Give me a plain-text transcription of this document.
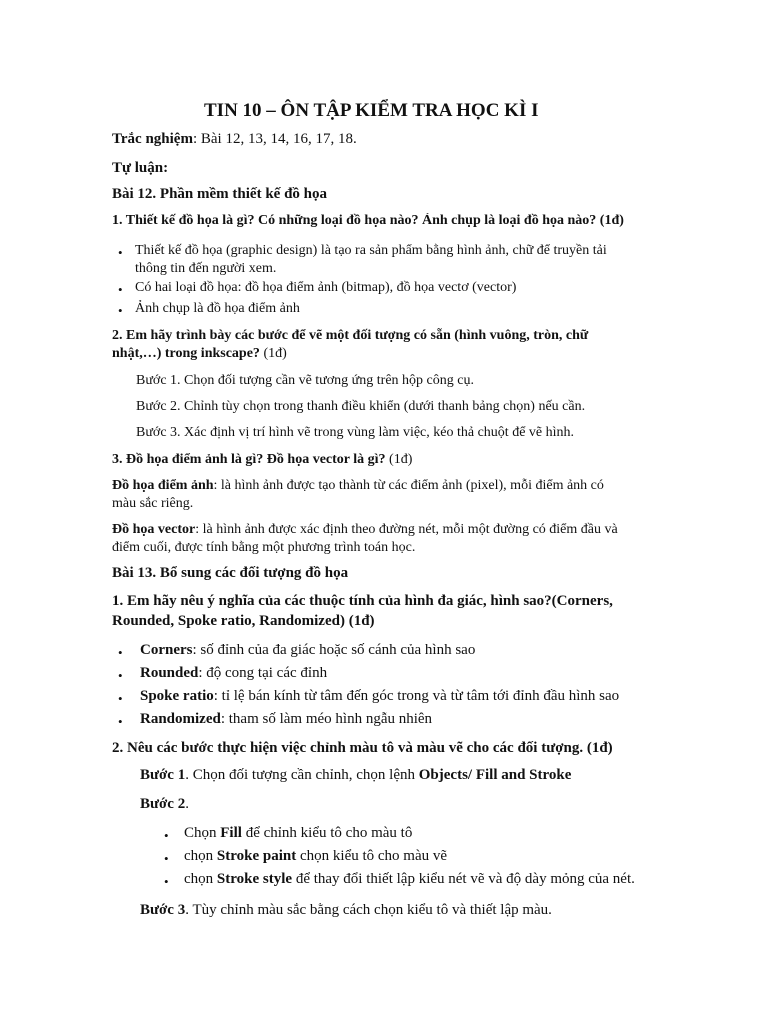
TIN 10 – ÔN TẬP KIỂM TRA HỌC KÌ I
Trắc nghiệm: Bài 12, 13, 14, 16, 17, 18.
Tự luận:
Bài 12. Phần mềm thiết kế đồ họa
1. Thiết kế đồ họa là gì? Có những loại đồ họa nào? Ảnh chụp là loại đồ họa nào? (1đ)
• Thiết kế đồ họa (graphic design) là tạo ra sản phẩm bằng hình ảnh, chữ để truyền tải
thông tin đến người xem.
• Có hai loại đồ họa: đồ họa điểm ảnh (bitmap), đồ họa vectơ (vector)
• Ảnh chụp là đồ họa điểm ảnh
2. Em hãy trình bày các bước để vẽ một đối tượng có sẵn (hình vuông, tròn, chữ
nhật,…) trong inkscape? (1đ)
Bước 1. Chọn đối tượng cần vẽ tương ứng trên hộp công cụ.
Bước 2. Chỉnh tùy chọn trong thanh điều khiển (dưới thanh bảng chọn) nếu cần.
Bước 3. Xác định vị trí hình vẽ trong vùng làm việc, kéo thả chuột để vẽ hình.
3. Đồ họa điểm ảnh là gì? Đồ họa vector là gì? (1đ)
Đồ họa điểm ảnh: là hình ảnh được tạo thành từ các điểm ảnh (pixel), mỗi điểm ảnh có
màu sắc riêng.
Đồ họa vector: là hình ảnh được xác định theo đường nét, mỗi một đường có điểm đầu và
điểm cuối, được tính bằng một phương trình toán học.
Bài 13. Bổ sung các đối tượng đồ họa
1. Em hãy nêu ý nghĩa của các thuộc tính của hình đa giác, hình sao?(Corners,
Rounded, Spoke ratio, Randomized) (1đ)
• Corners: số đỉnh của đa giác hoặc số cánh của hình sao
• Rounded: độ cong tại các đỉnh
• Spoke ratio: tỉ lệ bán kính từ tâm đến góc trong và từ tâm tới đỉnh đầu hình sao
• Randomized: tham số làm méo hình ngẫu nhiên
2. Nêu các bước thực hiện việc chỉnh màu tô và màu vẽ cho các đối tượng. (1đ)
Bước 1. Chọn đối tượng cần chỉnh, chọn lệnh Objects/ Fill and Stroke
Bước 2.
• Chọn Fill để chỉnh kiểu tô cho màu tô
• chọn Stroke paint chọn kiểu tô cho màu vẽ
• chọn Stroke style để thay đổi thiết lập kiểu nét vẽ và độ dày mỏng của nét.
Bước 3. Tùy chỉnh màu sắc bằng cách chọn kiểu tô và thiết lập màu.
